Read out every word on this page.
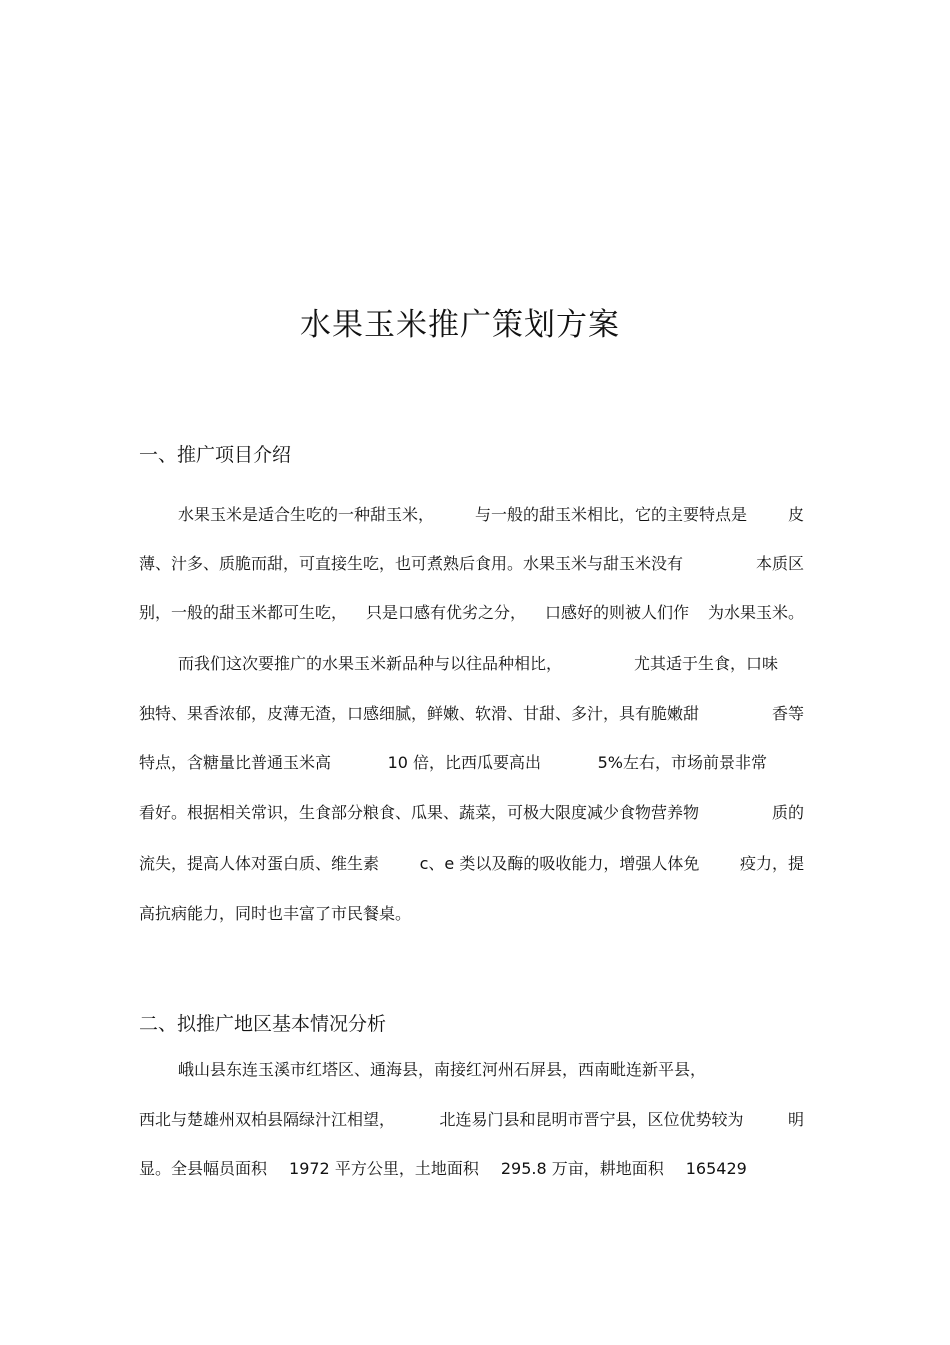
水果玉米推广策划方案
一、推广项目介绍
水果玉米是适合生吃的一种甜玉米，	与一般的甜玉米相比，它的主要特点是	皮
薄、汁多、质脆而甜，可直接生吃，也可煮熟后食用。水果玉米与甜玉米没有	本质区
别，一般的甜玉米都可生吃， 只是口感有优劣之分， 口感好的则被人们作 为水果玉米。
而我们这次要推广的水果玉米新品种与以往品种相比，	尤其适于生食，口味
独特、果香浓郁，皮薄无渣，口感细腻，鲜嫩、软滑、甘甜、多汁，具有脆嫩甜	香等
特点，含糖量比普通玉米高	10 倍，比西瓜要高出	5%左右，市场前景非常
看好。根据相关常识，生食部分粮食、瓜果、蔬菜，可极大限度减少食物营养物	质的
流失，提高人体对蛋白质、维生素	c、e 类以及酶的吸收能力，增强人体免	疫力，提
高抗病能力，同时也丰富了市民餐桌。
二、拟推广地区基本情况分析
峨山县东连玉溪市红塔区、通海县，南接红河州石屏县，西南毗连新平县，
西北与楚雄州双柏县隔绿汁江相望，	北连易门县和昆明市晋宁县，区位优势较为	明
显。全县幅员面积 1972 平方公里，土地面积 295.8 万亩，耕地面积 165429
